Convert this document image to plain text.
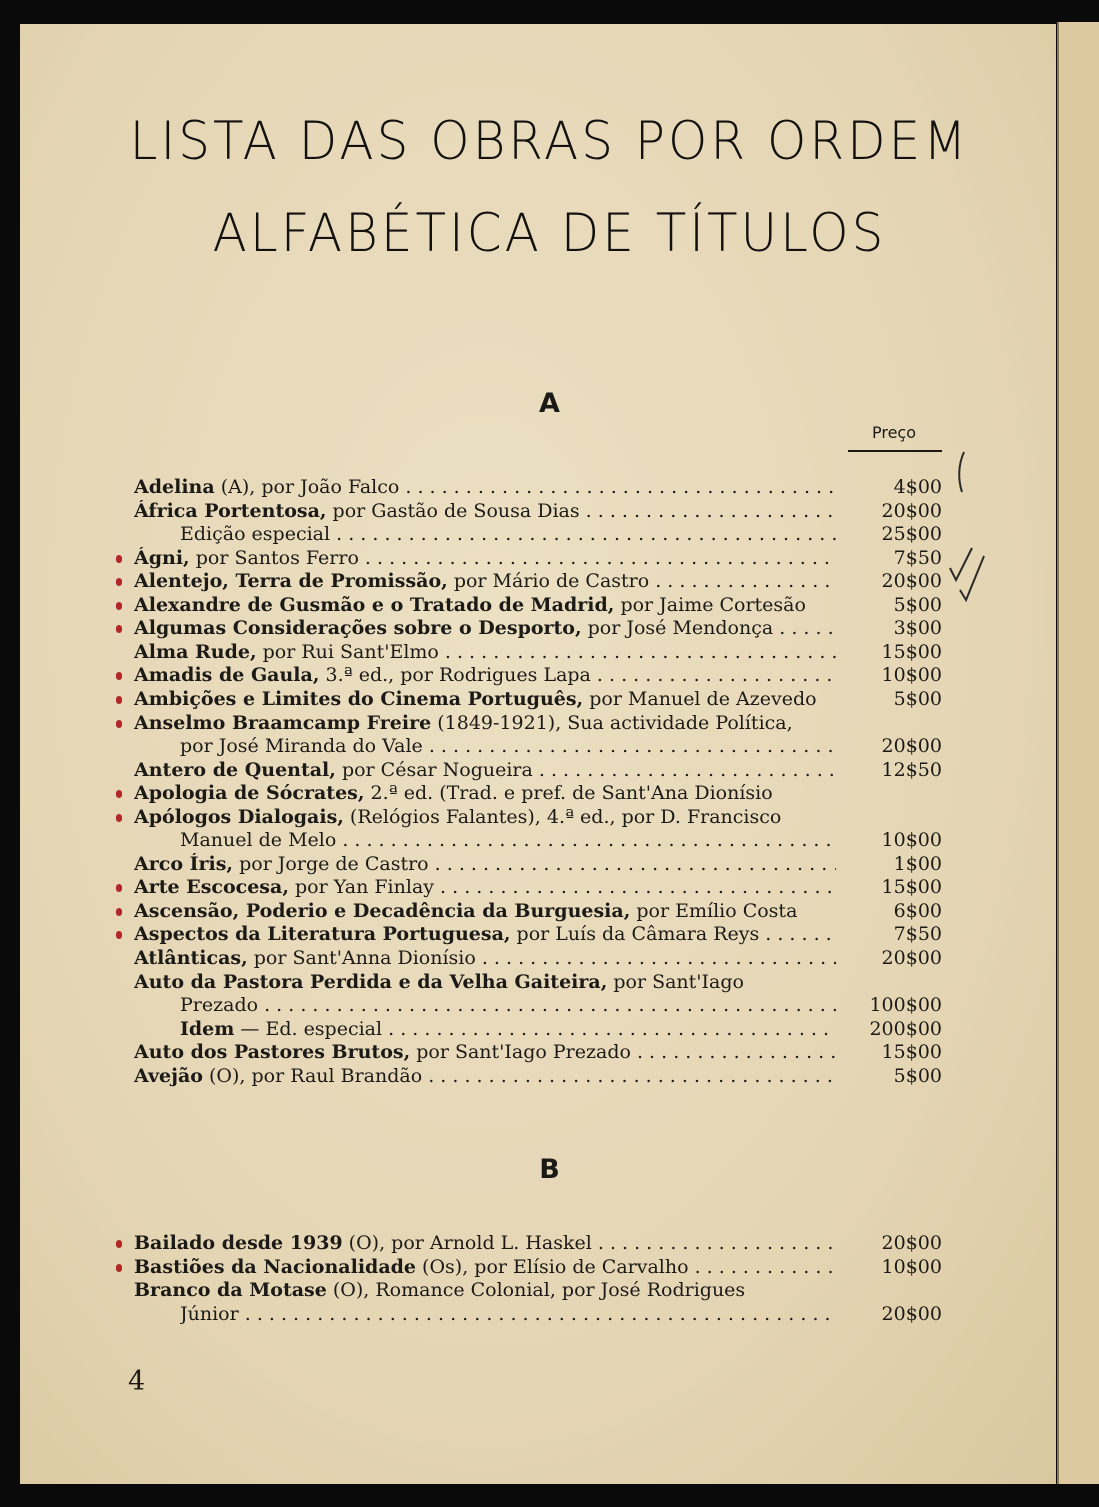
LISTA DAS OBRAS POR ORDEM
ALFABÉTICA DE TÍTULOS
A
Preço
B
Adelina (A), por João Falco . . .	4$00
África Portentosa, por Gastão de Sousa Dias . . .	20$00
Edição especial . . .	25$00
Ágni, por Santos Ferro . . .	7$50
Alentejo, Terra de Promissão, por Mário de Castro . . .	20$00
Alexandre de Gusmão e o Tratado de Madrid, por Jaime Cortesão	5$00
Algumas Considerações sobre o Desporto, por José Mendonça . . .	3$00
Alma Rude, por Rui Sant'Elmo . . .	15$00
Amadis de Gaula, 3.ª ed., por Rodrigues Lapa . . .	10$00
Ambições e Limites do Cinema Português, por Manuel de Azevedo	5$00
Anselmo Braamcamp Freire (1849-1921), Sua actividade Política,
por José Miranda do Vale . . .	20$00
Antero de Quental, por César Nogueira . . .	12$50
Apologia de Sócrates, 2.ª ed. (Trad. e pref. de Sant'Ana Dionísio
Apólogos Dialogais, (Relógios Falantes), 4.ª ed., por D. Francisco
Manuel de Melo . . .	10$00
Arco Íris, por Jorge de Castro . . .	1$00
Arte Escocesa, por Yan Finlay . . .	15$00
Ascensão, Poderio e Decadência da Burguesia, por Emílio Costa	6$00
Aspectos da Literatura Portuguesa, por Luís da Câmara Reys . . .	7$50
Atlânticas, por Sant'Anna Dionísio . . .	20$00
Auto da Pastora Perdida e da Velha Gaiteira, por Sant'Iago
Prezado . . .	100$00
Idem — Ed. especial . . .	200$00
Auto dos Pastores Brutos, por Sant'Iago Prezado . . .	15$00
Avejão (O), por Raul Brandão . . .	5$00
Bailado desde 1939 (O), por Arnold L. Haskel . . .	20$00
Bastiões da Nacionalidade (Os), por Elísio de Carvalho . . .	10$00
Branco da Motase (O), Romance Colonial, por José Rodrigues
Júnior . . .	20$00
4
